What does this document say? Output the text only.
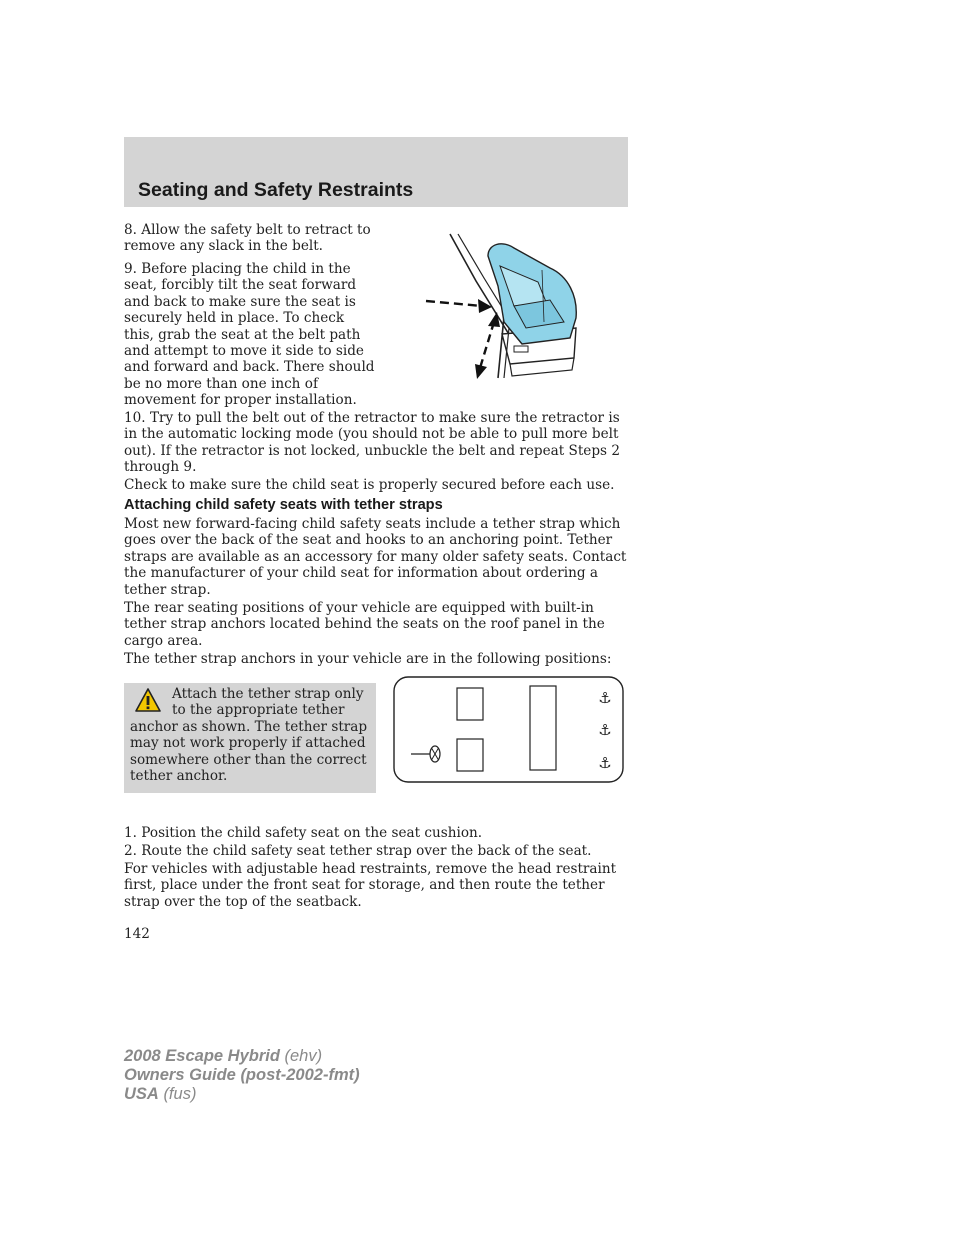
Seating and Safety Restraints

8. Allow the safety belt to retract to remove any slack in the belt.

9. Before placing the child in the seat, forcibly tilt the seat forward and back to make sure the seat is securely held in place. To check this, grab the seat at the belt path and attempt to move it side to side and forward and back. There should be no more than one inch of movement for proper installation.

10. Try to pull the belt out of the retractor to make sure the retractor is in the automatic locking mode (you should not be able to pull more belt out). If the retractor is not locked, unbuckle the belt and repeat Steps 2 through 9.

Check to make sure the child seat is properly secured before each use.

Attaching child safety seats with tether straps

Most new forward-facing child safety seats include a tether strap which goes over the back of the seat and hooks to an anchoring point. Tether straps are available as an accessory for many older safety seats. Contact the manufacturer of your child seat for information about ordering a tether strap.

The rear seating positions of your vehicle are equipped with built-in tether strap anchors located behind the seats on the roof panel in the cargo area.

The tether strap anchors in your vehicle are in the following positions:

Attach the tether strap only to the appropriate tether anchor as shown. The tether strap may not work properly if attached somewhere other than the correct tether anchor.

⚓
⚓
⚓

1. Position the child safety seat on the seat cushion.

2. Route the child safety seat tether strap over the back of the seat.

For vehicles with adjustable head restraints, remove the head restraint first, place under the front seat for storage, and then route the tether strap over the top of the seatback.

142

2008 Escape Hybrid (ehv)
Owners Guide (post-2002-fmt)
USA (fus)
